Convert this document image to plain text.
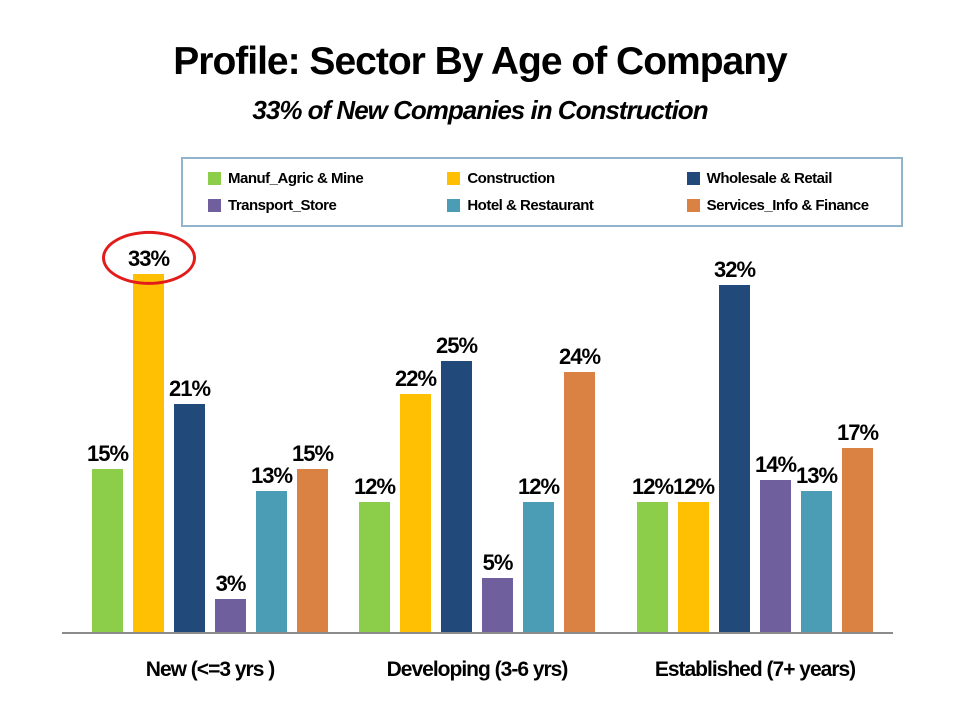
Profile: Sector By Age of Company
33% of New Companies in Construction
Manuf_Agric & Mine	Construction	Wholesale & Retail
Transport_Store	Hotel & Restaurant	Services_Info & Finance
15%
33%
21%
3%
13%
15%
12%
22%
25%
5%
12%
24%
12% 12%
32%
14% 13%
17%
New (<=3 yrs )	Developing (3-6 yrs)	Established (7+ years)
